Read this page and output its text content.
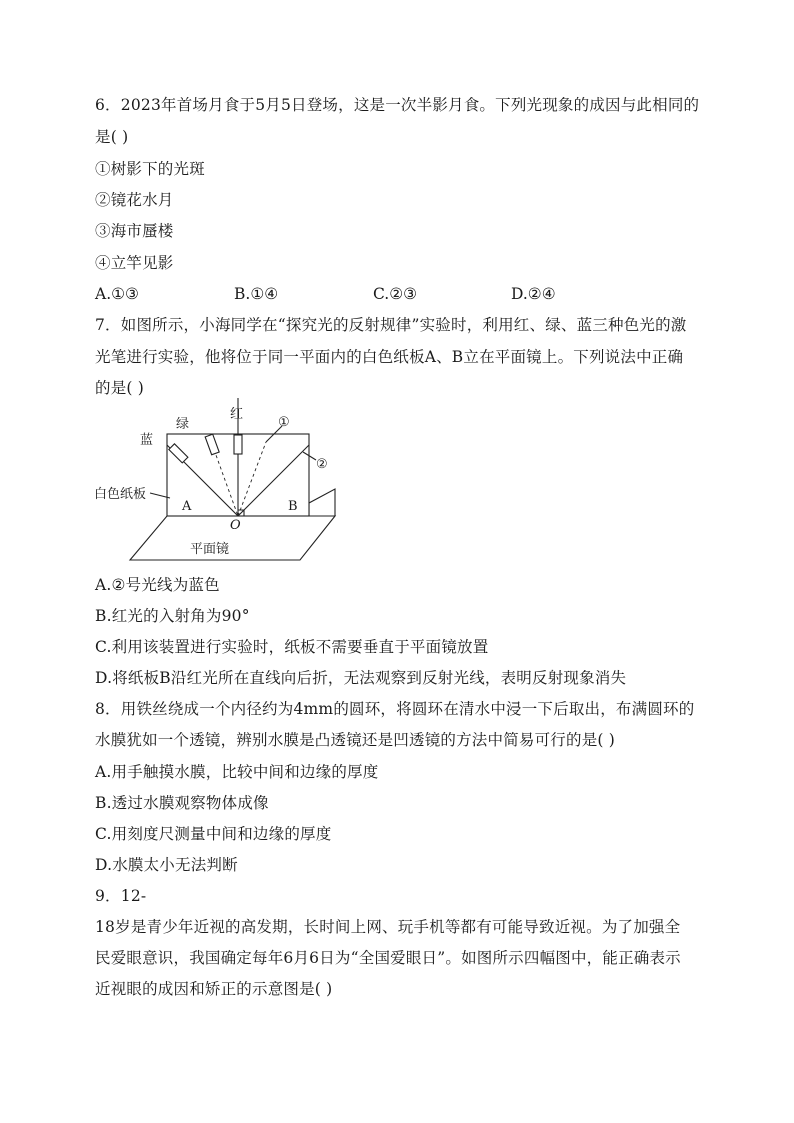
6．2023年首场月食于5月5日登场，这是一次半影月食。下列光现象的成因与此相同的
是( )
①树影下的光斑
②镜花水月
③海市蜃楼
④立竿见影
A.①③	B.①④	C.②③	D.②④
7．如图所示，小海同学在“探究光的反射规律”实验时，利用红、绿、蓝三种色光的激
光笔进行实验，他将位于同一平面内的白色纸板A、B立在平面镜上。下列说法中正确
的是( )
绿
红
蓝
①
②
白色纸板
A	B
O
平面镜
A.②号光线为蓝色
B.红光的入射角为90°
C.利用该装置进行实验时，纸板不需要垂直于平面镜放置
D.将纸板B沿红光所在直线向后折，无法观察到反射光线，表明反射现象消失
8．用铁丝绕成一个内径约为4mm的圆环，将圆环在清水中浸一下后取出，布满圆环的
水膜犹如一个透镜，辨别水膜是凸透镜还是凹透镜的方法中简易可行的是( )
A.用手触摸水膜，比较中间和边缘的厚度
B.透过水膜观察物体成像
C.用刻度尺测量中间和边缘的厚度
D.水膜太小无法判断
9．12-
18岁是青少年近视的高发期，长时间上网、玩手机等都有可能导致近视。为了加强全
民爱眼意识，我国确定每年6月6日为“全国爱眼日”。如图所示四幅图中，能正确表示
近视眼的成因和矫正的示意图是( )
